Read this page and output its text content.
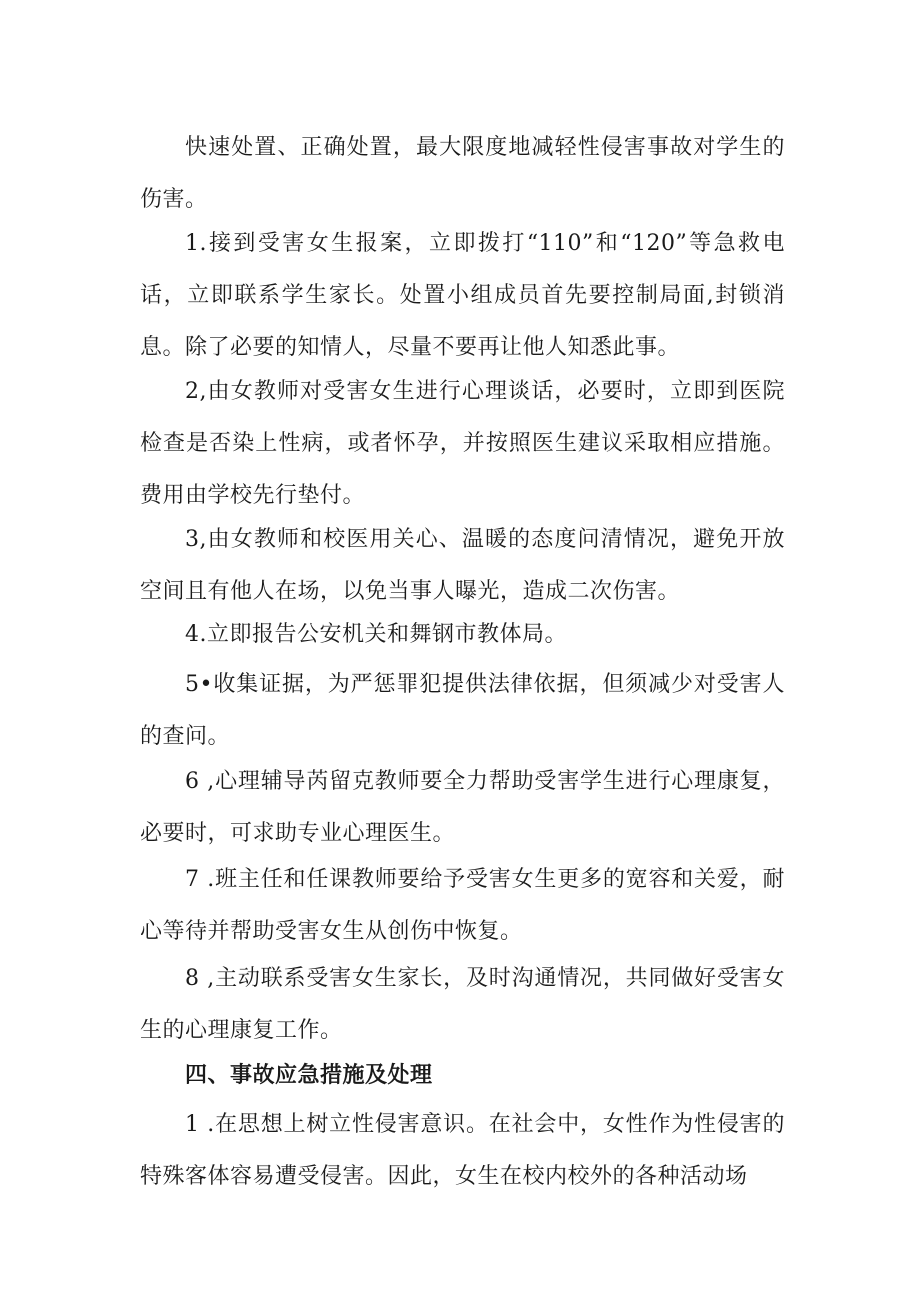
快速处置、正确处置，最大限度地减轻性侵害事故对学生的伤害。

1.接到受害女生报案，立即拨打“110”和“120”等急救电话，立即联系学生家长。处置小组成员首先要控制局面,封锁消息。除了必要的知情人，尽量不要再让他人知悉此事。

2,由女教师对受害女生进行心理谈话，必要时，立即到医院检查是否染上性病，或者怀孕，并按照医生建议采取相应措施。费用由学校先行垫付。

3,由女教师和校医用关心、温暖的态度问清情况，避免开放空间且有他人在场，以免当事人曝光，造成二次伤害。

4.立即报告公安机关和舞钢市教体局。

5•收集证据，为严惩罪犯提供法律依据，但须减少对受害人的查问。

6 ,心理辅导芮留克教师要全力帮助受害学生进行心理康复，必要时，可求助专业心理医生。

7 .班主任和任课教师要给予受害女生更多的宽容和关爱，耐心等待并帮助受害女生从创伤中恢复。

8 ,主动联系受害女生家长，及时沟通情况，共同做好受害女生的心理康复工作。

四、事故应急措施及处理

1 .在思想上树立性侵害意识。在社会中，女性作为性侵害的特殊客体容易遭受侵害。因此，女生在校内校外的各种活动场
